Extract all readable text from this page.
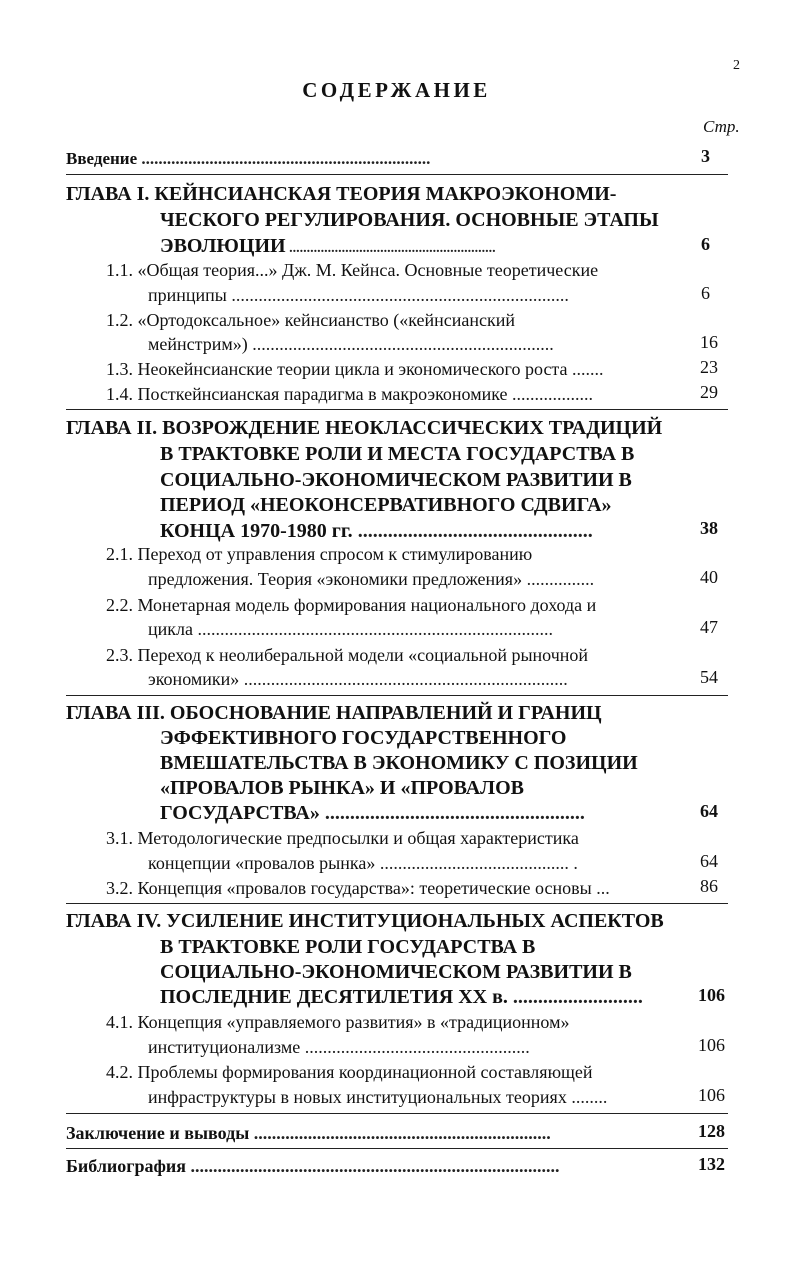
2
СОДЕРЖАНИЕ
Стр.
Введение ....................................................................	3
ГЛАВА I. КЕЙНСИАНСКАЯ ТЕОРИЯ МАКРОЭКОНОМИ-
ЧЕСКОГО РЕГУЛИРОВАНИЯ. ОСНОВНЫЕ ЭТАПЫ
ЭВОЛЮЦИИ ...........................................................	6
1.1. «Общая теория...» Дж. М. Кейнса. Основные теоретические
принципы ...........................................................................	6
1.2. «Ортодоксальное» кейнсианство («кейнсианский
мейнстрим») ...................................................................	16
1.3. Неокейнсианские теории цикла и экономического роста .......	23
1.4. Посткейнсианская парадигма в макроэкономике ..................	29
ГЛАВА II. ВОЗРОЖДЕНИЕ НЕОКЛАССИЧЕСКИХ ТРАДИЦИЙ
В ТРАКТОВКЕ РОЛИ И МЕСТА ГОСУДАРСТВА В
СОЦИАЛЬНО-ЭКОНОМИЧЕСКОМ РАЗВИТИИ В
ПЕРИОД «НЕОКОНСЕРВАТИВНОГО СДВИГА»
КОНЦА 1970-1980 гг. ...............................................	38
2.1. Переход от управления спросом к стимулированию
предложения. Теория «экономики предложения» ...............	40
2.2. Монетарная модель формирования национального дохода и
цикла ...............................................................................	47
2.3. Переход к неолиберальной модели «социальной рыночной
экономики» ........................................................................	54
ГЛАВА III. ОБОСНОВАНИЕ НАПРАВЛЕНИЙ И ГРАНИЦ
ЭФФЕКТИВНОГО ГОСУДАРСТВЕННОГО
ВМЕШАТЕЛЬСТВА В ЭКОНОМИКУ С ПОЗИЦИИ
«ПРОВАЛОВ РЫНКА» И «ПРОВАЛОВ
ГОСУДАРСТВА» ....................................................	64
3.1. Методологические предпосылки и общая характеристика
концепции «провалов рынка» .......................................... .	64
3.2. Концепция «провалов государства»: теоретические основы ...	86
ГЛАВА IV. УСИЛЕНИЕ ИНСТИТУЦИОНАЛЬНЫХ АСПЕКТОВ
В ТРАКТОВКЕ РОЛИ ГОСУДАРСТВА В
СОЦИАЛЬНО-ЭКОНОМИЧЕСКОМ РАЗВИТИИ В
ПОСЛЕДНИЕ ДЕСЯТИЛЕТИЯ XX в. ..........................	106
4.1. Концепция «управляемого развития» в «традиционном»
институционализме ..................................................	106
4.2. Проблемы формирования координационной составляющей
инфраструктуры в новых институциональных теориях ........	106
Заключение и выводы ..................................................................	128
Библиография ..................................................................................	132
